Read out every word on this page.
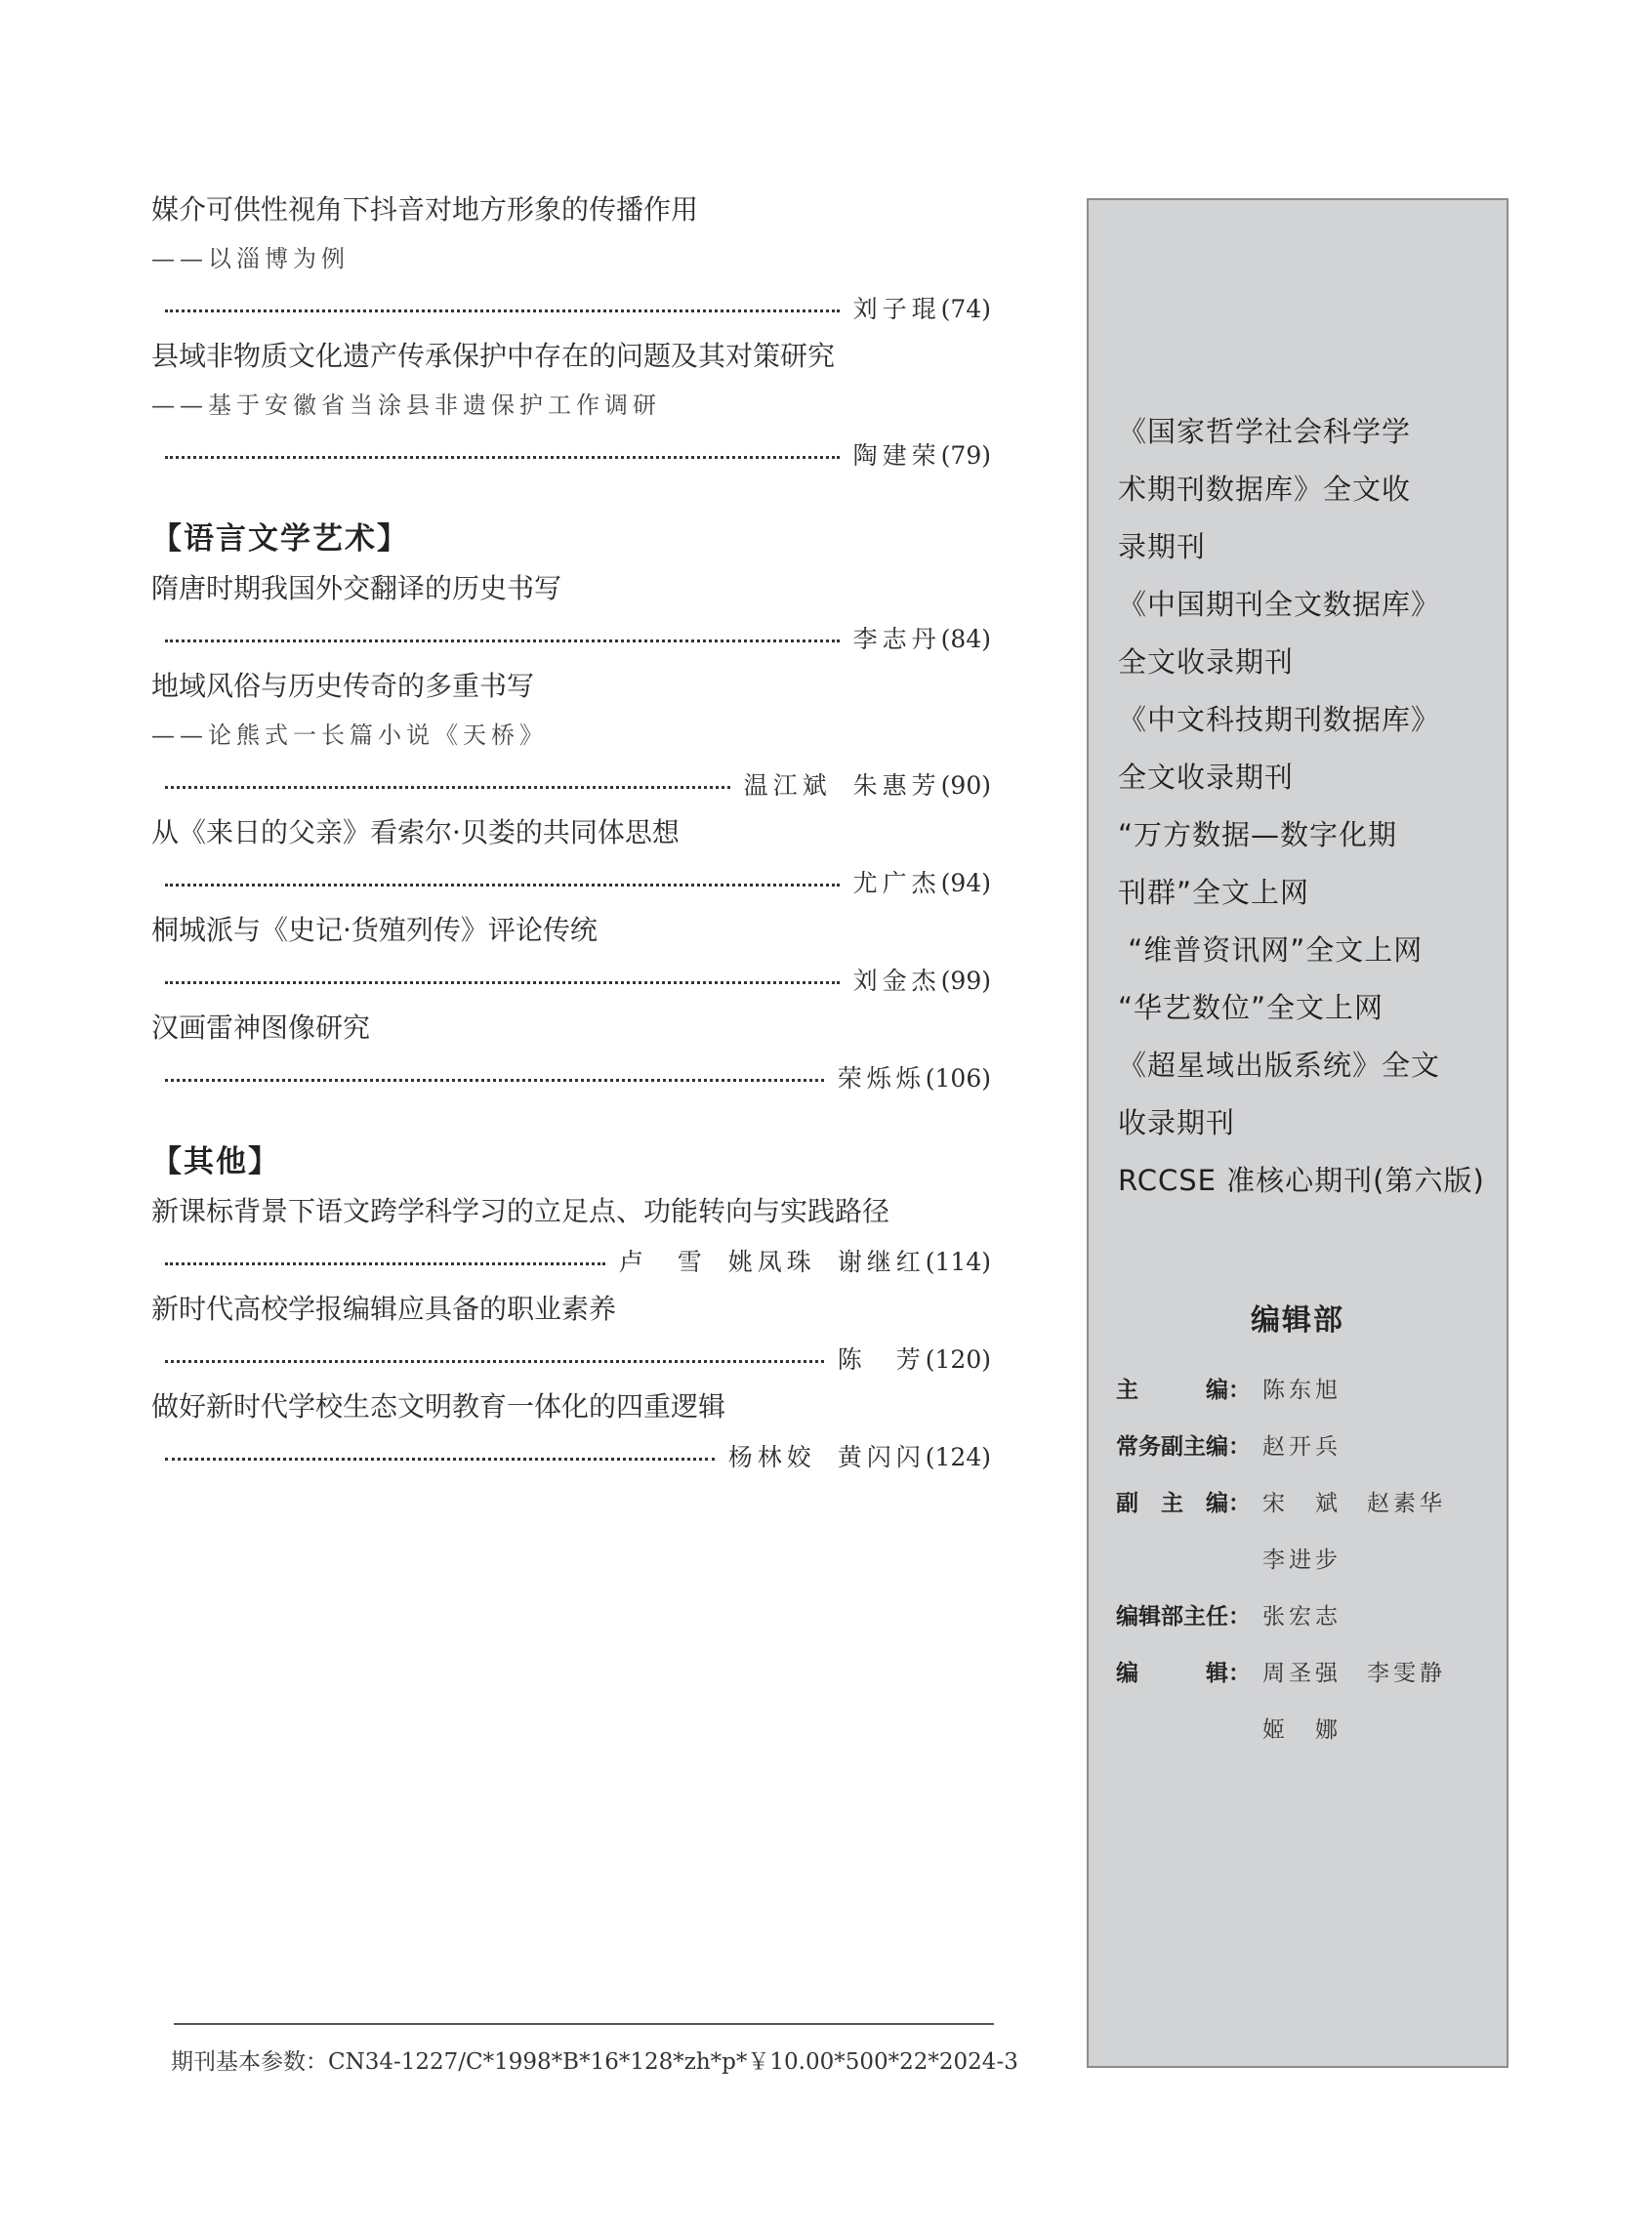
媒介可供性视角下抖音对地方形象的传播作用
——以淄博为例
刘子琨(74)
县域非物质文化遗产传承保护中存在的问题及其对策研究
——基于安徽省当涂县非遗保护工作调研
陶建荣(79)
【语言文学艺术】
隋唐时期我国外交翻译的历史书写
李志丹(84)
地域风俗与历史传奇的多重书写
——论熊式一长篇小说《天桥》
温江斌 朱惠芳(90)
从《来日的父亲》看索尔·贝娄的共同体思想
尤广杰(94)
桐城派与《史记·货殖列传》评论传统
刘金杰(99)
汉画雷神图像研究
荣烁烁(106)
【其他】
新课标背景下语文跨学科学习的立足点、功能转向与实践路径
卢　雪 姚凤珠 谢继红(114)
新时代高校学报编辑应具备的职业素养
陈　芳(120)
做好新时代学校生态文明教育一体化的四重逻辑
杨林姣 黄闪闪(124)
期刊基本参数：CN34-1227/C*1998*B*16*128*zh*p*￥10.00*500*22*2024-3
《国家哲学社会科学学
术期刊数据库》全文收
录期刊
《中国期刊全文数据库》
全文收录期刊
《中文科技期刊数据库》
全文收录期刊
“万方数据—数字化期
刊群”全文上网
“维普资讯网”全文上网
“华艺数位”全文上网
《超星域出版系统》全文
收录期刊
RCCSE 准核心期刊(第六版)
编辑部
主　　　编： 陈东旭
常务副主编： 赵开兵
副　主　编： 宋　斌 赵素华
李进步
编辑部主任： 张宏志
编　　　辑： 周圣强 李雯静
姬　娜
